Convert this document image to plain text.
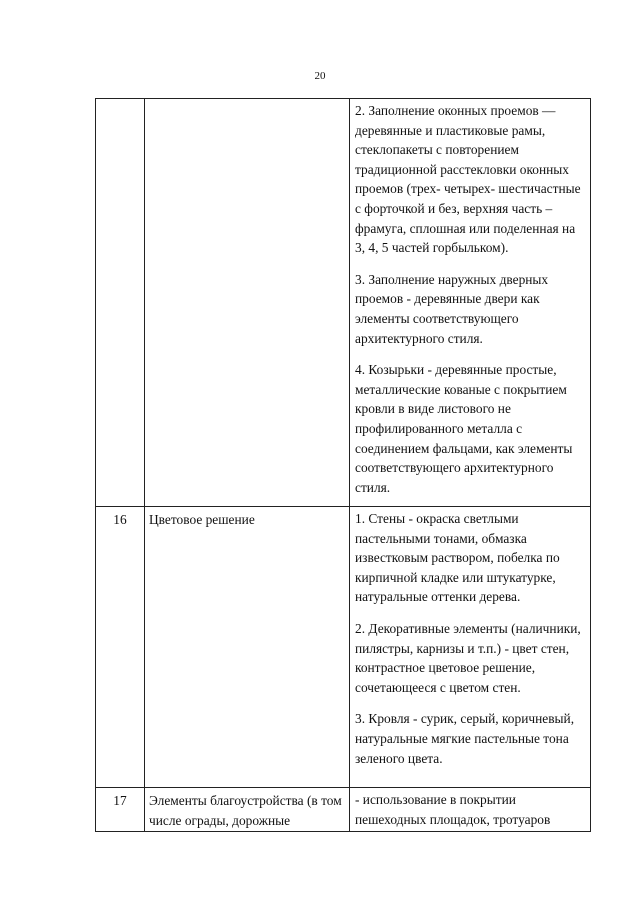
20

		2. Заполнение оконных проемов — деревянные и пластиковые рамы, стеклопакеты с повторением традиционной расстекловки оконных проемов (трех- четырех- шестичастные с форточкой и без, верхняя часть – фрамуга, сплошная или поделенная на 3, 4, 5 частей горбыльком).

3. Заполнение наружных дверных проемов - деревянные двери как элементы соответствующего архитектурного стиля.

4. Козырьки - деревянные простые, металлические кованые с покрытием кровли в виде листового не профилированного металла с соединением фальцами, как элементы соответствующего архитектурного стиля.

16	Цветовое решение	1. Стены - окраска светлыми пастельными тонами, обмазка известковым раствором, побелка по кирпичной кладке или штукатурке, натуральные оттенки дерева.

2. Декоративные элементы (наличники, пилястры, карнизы и т.п.) - цвет стен, контрастное цветовое решение, сочетающееся с цветом стен.

3. Кровля - сурик, серый, коричневый, натуральные мягкие пастельные тона зеленого цвета.

17	Элементы благоустройства (в том числе ограды, дорожные	- использование в покрытии пешеходных площадок, тротуаров
